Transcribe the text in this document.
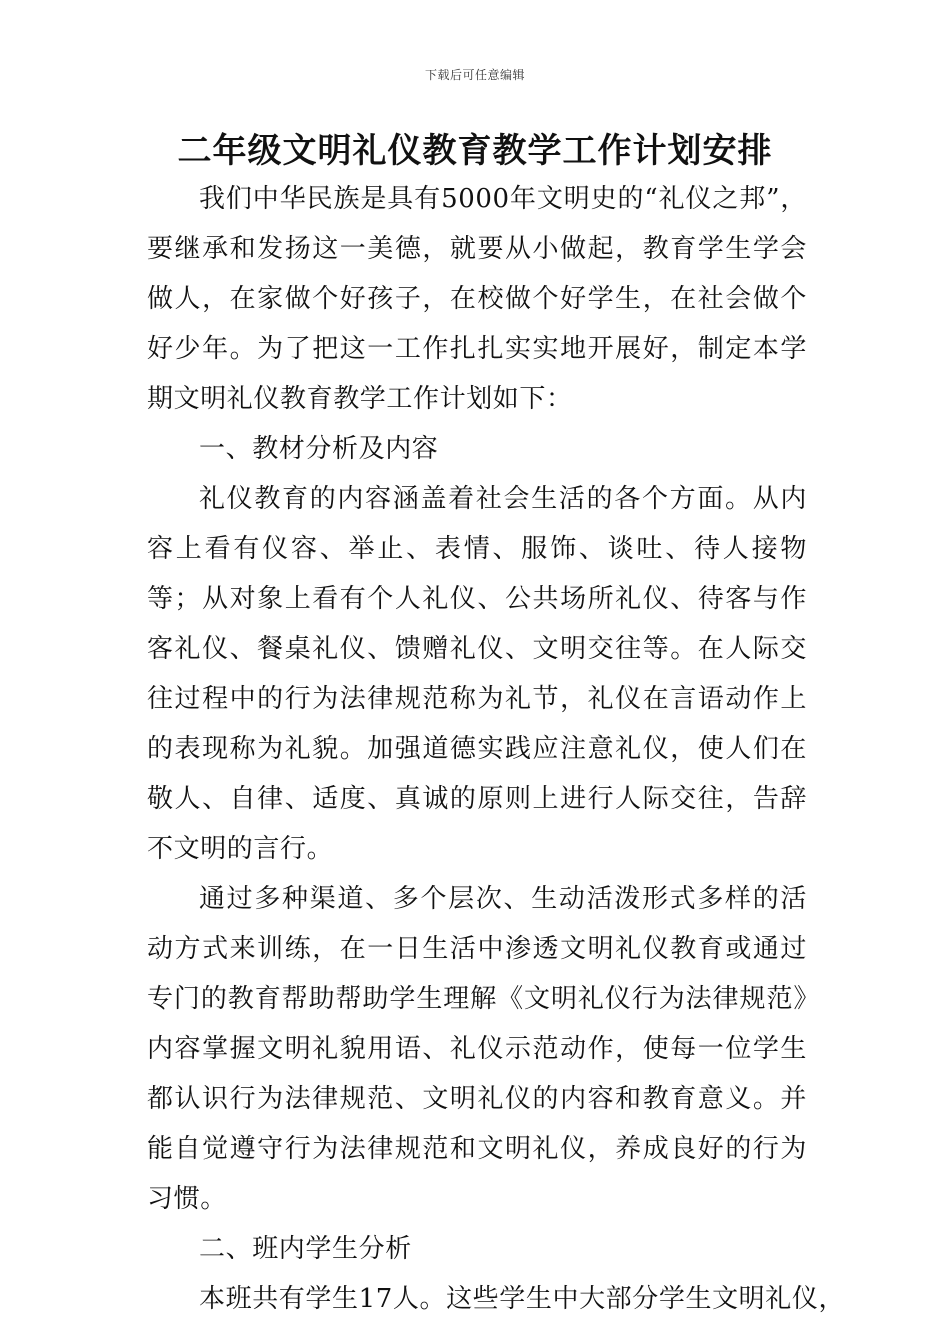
下载后可任意编辑
二年级文明礼仪教育教学工作计划安排

我们中华民族是具有5000年文明史的“礼仪之邦”，要继承和发扬这一美德，就要从小做起，教育学生学会做人，在家做个好孩子，在校做个好学生，在社会做个好少年。为了把这一工作扎扎实实地开展好，制定本学期文明礼仪教育教学工作计划如下：

一、教材分析及内容

礼仪教育的内容涵盖着社会生活的各个方面。从内容上看有仪容、举止、表情、服饰、谈吐、待人接物等；从对象上看有个人礼仪、公共场所礼仪、待客与作客礼仪、餐桌礼仪、馈赠礼仪、文明交往等。在人际交往过程中的行为法律规范称为礼节，礼仪在言语动作上的表现称为礼貌。加强道德实践应注意礼仪，使人们在敬人、自律、适度、真诚的原则上进行人际交往，告辞不文明的言行。

通过多种渠道、多个层次、生动活泼形式多样的活动方式来训练，在一日生活中渗透文明礼仪教育或通过专门的教育帮助帮助学生理解《文明礼仪行为法律规范》内容掌握文明礼貌用语、礼仪示范动作，使每一位学生都认识行为法律规范、文明礼仪的内容和教育意义。并能自觉遵守行为法律规范和文明礼仪，养成良好的行为习惯。

二、班内学生分析

本班共有学生17人。这些学生中大部分学生文明礼仪，
